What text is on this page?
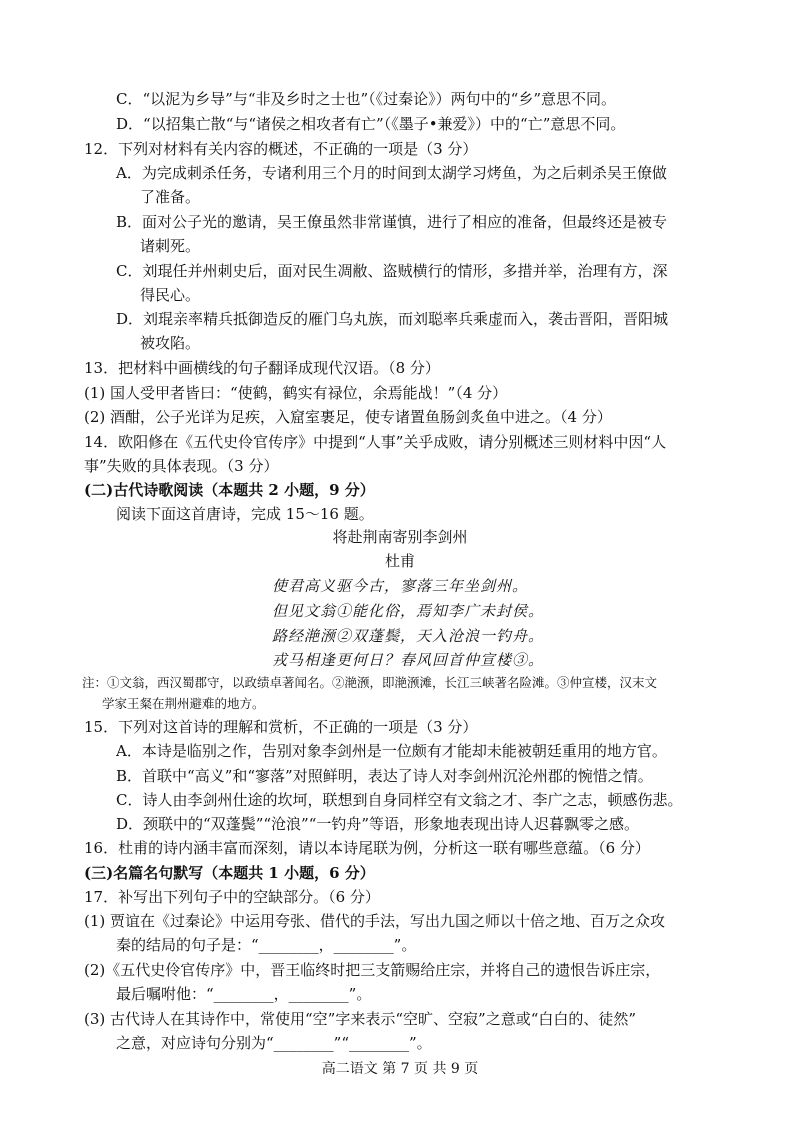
C．“以泥为乡导”与“非及乡时之士也”（《过秦论》）两句中的“乡”意思不同。
D．“以招集亡散“与“诸侯之相攻者有亡”（《墨子•兼爱》）中的“亡”意思不同。
12．下列对材料有关内容的概述，不正确的一项是（3 分）
A．为完成刺杀任务，专诸利用三个月的时间到太湖学习烤鱼，为之后刺杀吴王僚做
了准备。
B．面对公子光的邀请，吴王僚虽然非常谨慎，进行了相应的准备，但最终还是被专
诸刺死。
C．刘琨任并州刺史后，面对民生凋敝、盗贼横行的情形，多措并举，治理有方，深
得民心。
D．刘琨亲率精兵抵御造反的雁门乌丸族，而刘聪率兵乘虚而入，袭击晋阳，晋阳城
被攻陷。
13．把材料中画横线的句子翻译成现代汉语。（8 分）
(1) 国人受甲者皆曰：“使鹤，鹤实有禄位，余焉能战！”（4 分）
(2) 酒酣，公子光详为足疾，入窟室裹足，使专诸置鱼肠剑炙鱼中进之。（4 分）
14．欧阳修在《五代史伶官传序》中提到“人事”关乎成败，请分别概述三则材料中因“人
事”失败的具体表现。（3 分）
(二)古代诗歌阅读（本题共 2 小题，9 分）
阅读下面这首唐诗，完成 15～16 题。
将赴荆南寄别李剑州
杜甫
使君高义驱今古，寥落三年坐剑州。
但见文翁①能化俗，焉知李广未封侯。
路经滟滪②双蓬鬓，天入沧浪一钓舟。
戎马相逢更何日？春风回首仲宣楼③。
注：①文翁，西汉蜀郡守，以政绩卓著闻名。②滟滪，即滟滪滩，长江三峡著名险滩。③仲宣楼，汉末文
学家王粲在荆州避难的地方。
15．下列对这首诗的理解和赏析，不正确的一项是（3 分）
A．本诗是临别之作，告别对象李剑州是一位颇有才能却未能被朝廷重用的地方官。
B．首联中“高义”和“寥落”对照鲜明，表达了诗人对李剑州沉沦州郡的惋惜之情。
C．诗人由李剑州仕途的坎坷，联想到自身同样空有文翁之才、李广之志，顿感伤悲。
D．颈联中的“双蓬鬓”“沧浪”“一钓舟”等语，形象地表现出诗人迟暮飘零之感。
16．杜甫的诗内涵丰富而深刻，请以本诗尾联为例，分析这一联有哪些意蕴。（6 分）
(三)名篇名句默写（本题共 1 小题，6 分）
17．补写出下列句子中的空缺部分。（6 分）
(1) 贾谊在《过秦论》中运用夸张、借代的手法，写出九国之师以十倍之地、百万之众攻
秦的结局的句子是：“________，________”。
(2)《五代史伶官传序》中，晋王临终时把三支箭赐给庄宗，并将自己的遗恨告诉庄宗，
最后嘱咐他：“________，________”。
(3) 古代诗人在其诗作中，常使用“空”字来表示“空旷、空寂”之意或“白白的、徒然”
之意，对应诗句分别为“________”“________”。
高二语文 第 7 页 共 9 页
